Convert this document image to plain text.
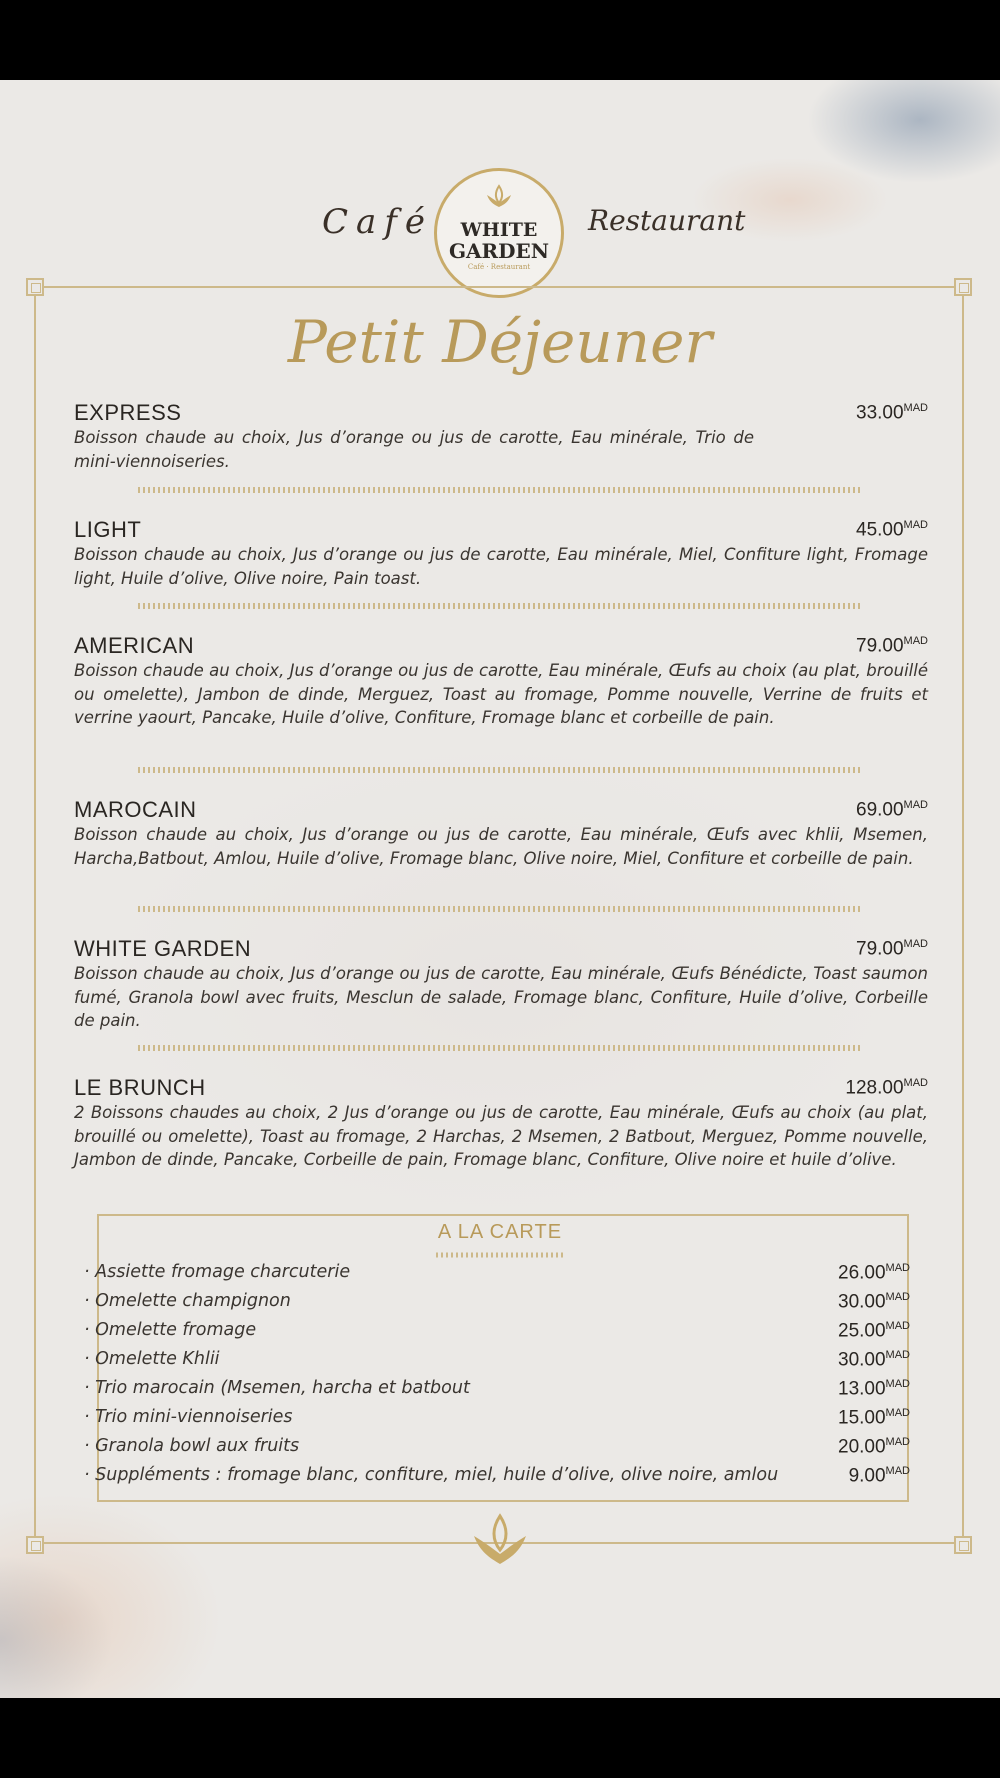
Café	WHITE
GARDEN
Café · Restaurant
Restaurant
Petit Déjeuner
EXPRESS	$33.00^{MAD}$
Boisson chaude au choix, Jus d’orange ou jus de carotte, Eau minérale, Trio de mini-viennoiseries.
LIGHT	$45.00^{MAD}$
Boisson chaude au choix, Jus d’orange ou jus de carotte, Eau minérale, Miel, Confiture light, Fromage light, Huile d’olive, Olive noire, Pain toast.
AMERICAN	$79.00^{MAD}$
Boisson chaude au choix, Jus d’orange ou jus de carotte, Eau minérale, Œufs au choix (au plat, brouillé ou omelette), Jambon de dinde, Merguez, Toast au fromage, Pomme nouvelle, Verrine de fruits et verrine yaourt, Pancake, Huile d’olive, Confiture, Fromage blanc et corbeille de pain.
MAROCAIN	$69.00^{MAD}$
Boisson chaude au choix, Jus d’orange ou jus de carotte, Eau minérale, Œufs avec khlii, Msemen, Harcha,Batbout, Amlou, Huile d’olive, Fromage blanc, Olive noire, Miel, Confiture et corbeille de pain.
WHITE GARDEN	$79.00^{MAD}$
Boisson chaude au choix, Jus d’orange ou jus de carotte, Eau minérale, Œufs Bénédicte, Toast saumon fumé, Granola bowl avec fruits, Mesclun de salade, Fromage blanc, Confiture, Huile d’olive, Corbeille de pain.
LE BRUNCH	$128.00^{MAD}$
2 Boissons chaudes au choix, 2 Jus d’orange ou jus de carotte, Eau minérale, Œufs au choix (au plat, brouillé ou omelette), Toast au fromage, 2 Harchas, 2 Msemen, 2 Batbout, Merguez, Pomme nouvelle, Jambon de dinde, Pancake, Corbeille de pain, Fromage blanc, Confiture, Olive noire et huile d’olive.
A LA CARTE
· Assiette fromage charcuterie	$26.00^{MAD}$
· Omelette champignon	$30.00^{MAD}$
· Omelette fromage	$25.00^{MAD}$
· Omelette Khlii	$30.00^{MAD}$
· Trio marocain (Msemen, harcha et batbout	$13.00^{MAD}$
· Trio mini-viennoiseries	$15.00^{MAD}$
· Granola bowl aux fruits	$20.00^{MAD}$
· Suppléments : fromage blanc, confiture, miel, huile d’olive, olive noire, amlou	$9.00^{MAD}$
